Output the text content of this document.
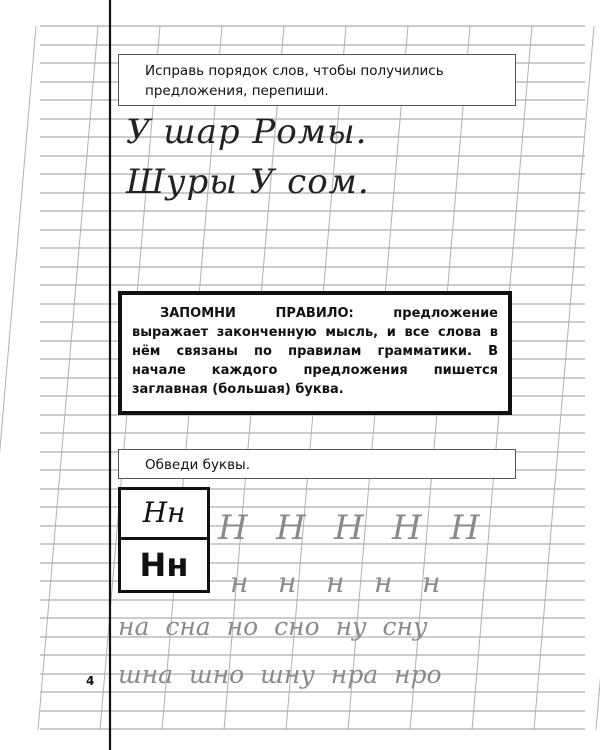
Исправь порядок слов, чтобы получились предложения, перепиши.
У шар Ромы.
Шуры У сом.
ЗАПОМНИ ПРАВИЛО: предложение выражает законченную мысль, и все слова в нём связаны по правилам грамматики. В начале каждого предложения пишется заглавная (большая) буква.
Обведи буквы.
Нн
Нн
Н Н Н Н Н
н н н н н
на сна но сно ну сну
шна шно шну нра нро
4
